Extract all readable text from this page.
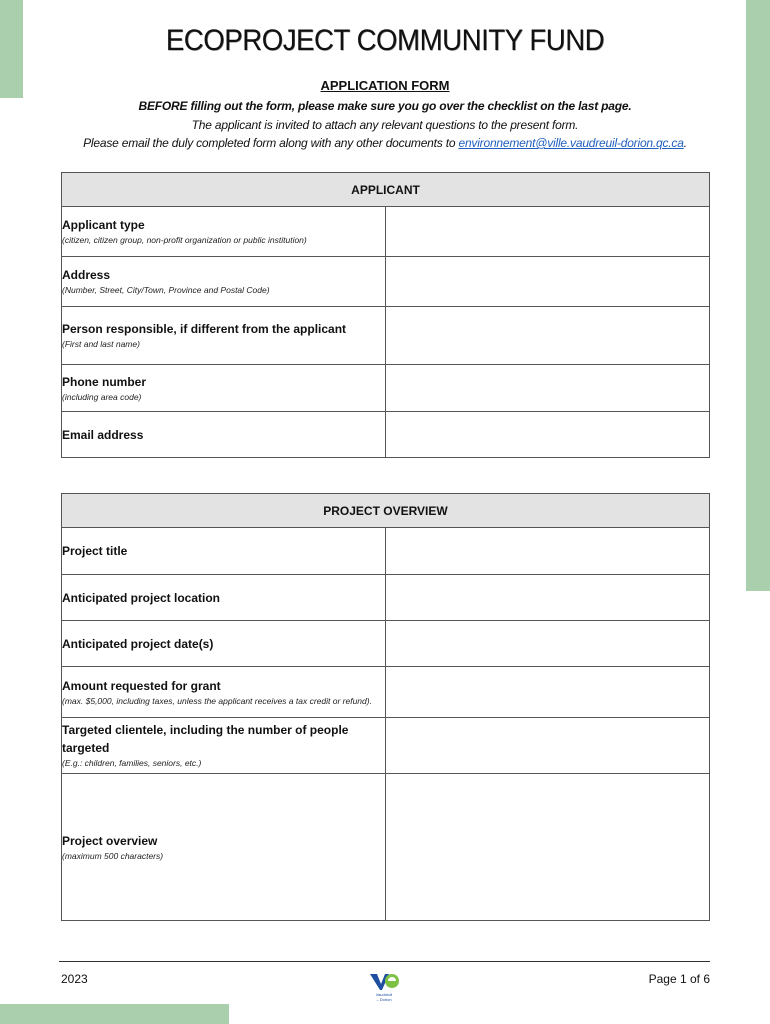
ECOPROJECT COMMUNITY FUND
APPLICATION FORM
BEFORE filling out the form, please make sure you go over the checklist on the last page.
The applicant is invited to attach any relevant questions to the present form.
Please email the duly completed form along with any other documents to environnement@ville.vaudreuil-dorion.qc.ca.
APPLICANT	

Applicant type
(citizen, citizen group, non-profit organization or public institution)	

Address
(Number, Street, City/Town, Province and Postal Code)	

Person responsible, if different from the applicant
(First and last name)	

Phone number
(including area code)	

Email address	

PROJECT OVERVIEW	

Project title	

Anticipated project location	

Anticipated project date(s)	

Amount requested for grant
(max. $5,000, including taxes, unless the applicant receives a tax credit or refund).	

Targeted clientele, including the number of people targeted
(E.g.: children, families, seniors, etc.)	

Project overview
(maximum 500 characters)	

2023
Vaudreuil
– Dorion
Page 1 of 6
